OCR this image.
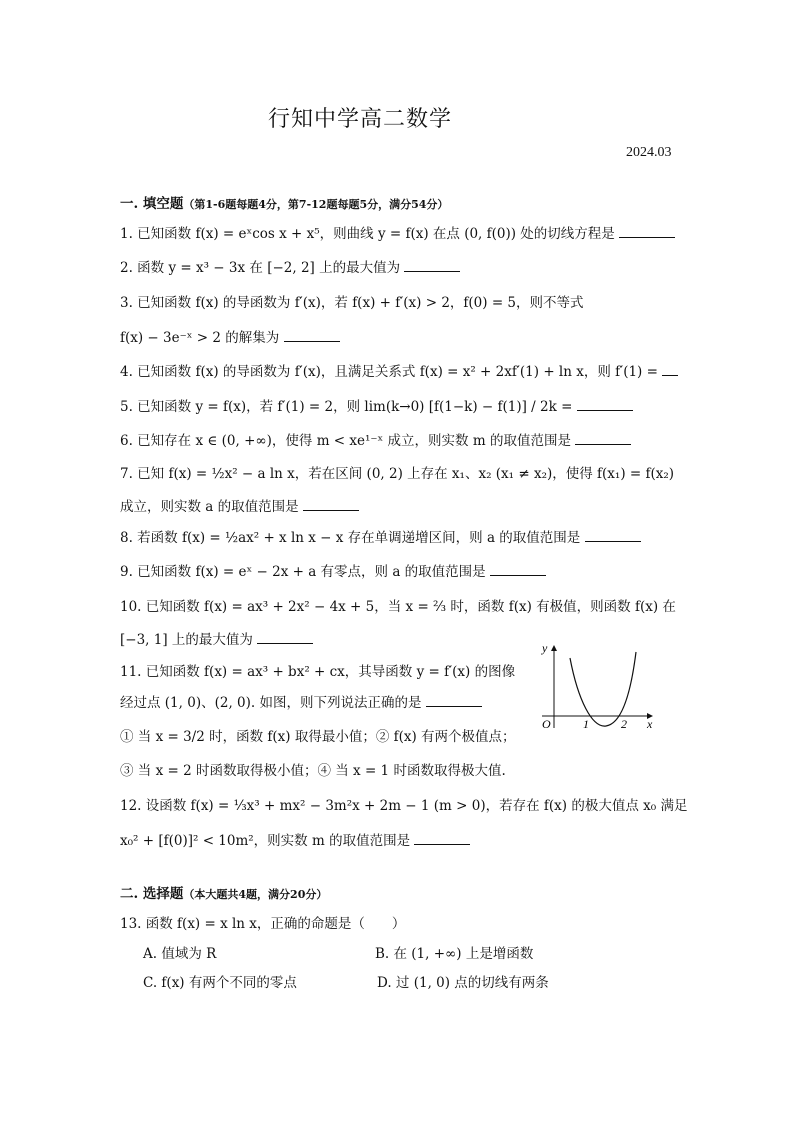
行知中学高二数学
2024.03
一. 填空题（第1-6题每题4分，第7-12题每题5分，满分54分）
1. 已知函数 f(x) = eˣcos x + x⁵，则曲线 y = f(x) 在点 (0, f(0)) 处的切线方程是
2. 函数 y = x³ − 3x 在 [−2, 2] 上的最大值为
3. 已知函数 f(x) 的导函数为 f′(x)，若 f(x) + f′(x) > 2，f(0) = 5，则不等式
f(x) − 3e⁻ˣ > 2 的解集为
4. 已知函数 f(x) 的导函数为 f′(x)，且满足关系式 f(x) = x² + 2xf′(1) + ln x，则 f′(1) =
5. 已知函数 y = f(x)，若 f′(1) = 2，则 lim(k→0) [f(1−k) − f(1)] / 2k =
6. 已知存在 x ∈ (0, +∞)，使得 m < xe¹⁻ˣ 成立，则实数 m 的取值范围是
7. 已知 f(x) = ½x² − a ln x，若在区间 (0, 2) 上存在 x₁、x₂ (x₁ ≠ x₂)，使得 f(x₁) = f(x₂)
成立，则实数 a 的取值范围是
8. 若函数 f(x) = ½ax² + x ln x − x 存在单调递增区间，则 a 的取值范围是
9. 已知函数 f(x) = eˣ − 2x + a 有零点，则 a 的取值范围是
10. 已知函数 f(x) = ax³ + 2x² − 4x + 5，当 x = ⅔ 时，函数 f(x) 有极值，则函数 f(x) 在
[−3, 1] 上的最大值为
11. 已知函数 f(x) = ax³ + bx² + cx，其导函数 y = f′(x) 的图像
经过点 (1, 0)、(2, 0). 如图，则下列说法正确的是
① 当 x = 3/2 时，函数 f(x) 取得最小值；② f(x) 有两个极值点；
③ 当 x = 2 时函数取得极小值；④ 当 x = 1 时函数取得极大值.
12. 设函数 f(x) = ⅓x³ + mx² − 3m²x + 2m − 1 (m > 0)，若存在 f(x) 的极大值点 x₀ 满足
x₀² + [f(0)]² < 10m²，则实数 m 的取值范围是
y
x
O	1	2
二. 选择题（本大题共4题，满分20分）
13. 函数 f(x) = x ln x，正确的命题是（　　）
A. 值域为 R	B. 在 (1, +∞) 上是增函数
C. f(x) 有两个不同的零点	D. 过 (1, 0) 点的切线有两条
